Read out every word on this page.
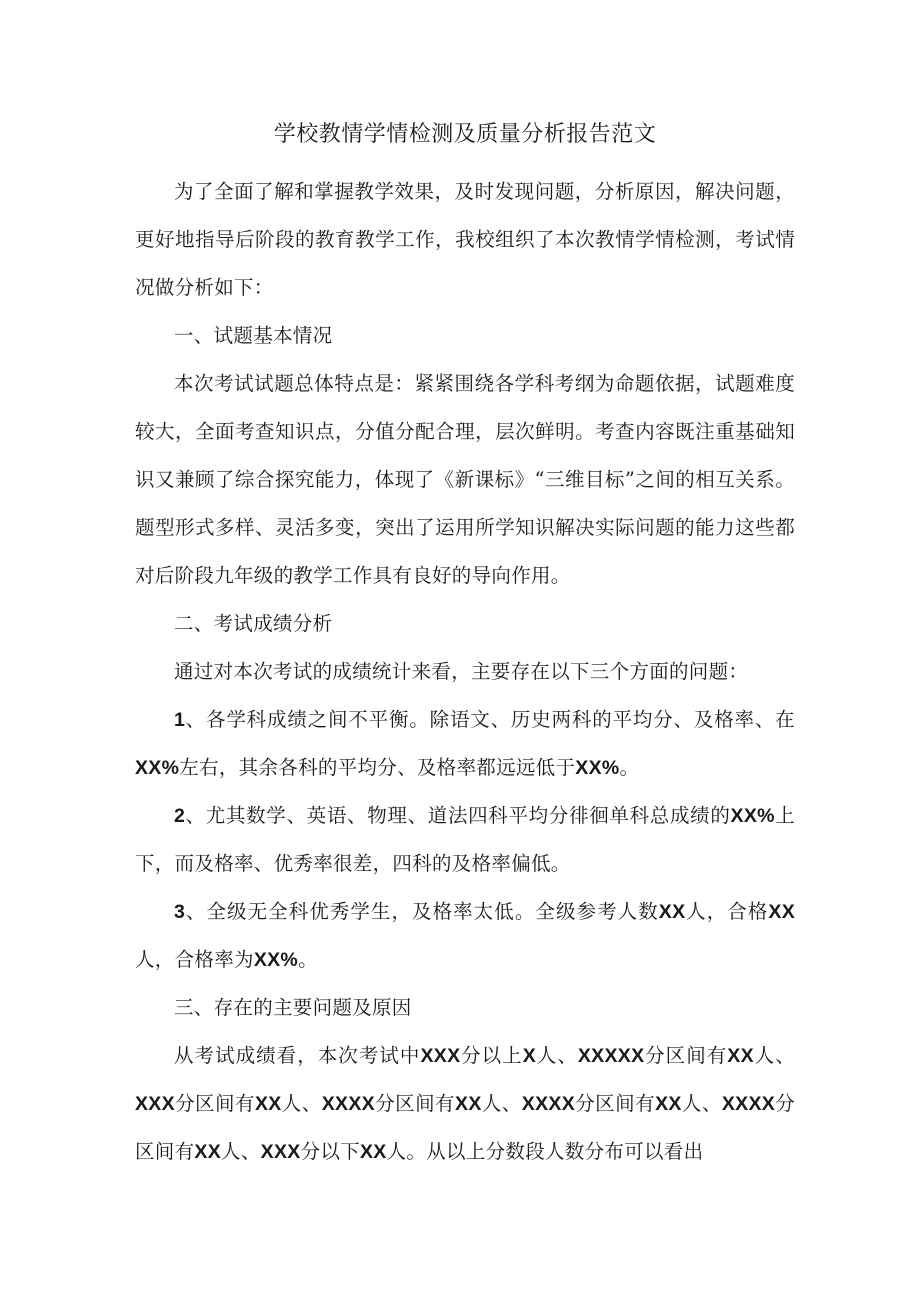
学校教情学情检测及质量分析报告范文

为了全面了解和掌握教学效果，及时发现问题，分析原因，解决问题，更好地指导后阶段的教育教学工作，我校组织了本次教情学情检测，考试情况做分析如下：

一、试题基本情况

本次考试试题总体特点是：紧紧围绕各学科考纲为命题依据，试题难度较大，全面考查知识点，分值分配合理，层次鲜明。考查内容既注重基础知识又兼顾了综合探究能力，体现了《新课标》“三维目标”之间的相互关系。题型形式多样、灵活多变，突出了运用所学知识解决实际问题的能力这些都对后阶段九年级的教学工作具有良好的导向作用。

二、考试成绩分析

通过对本次考试的成绩统计来看，主要存在以下三个方面的问题：

1、各学科成绩之间不平衡。除语文、历史两科的平均分、及格率、在XX%左右，其余各科的平均分、及格率都远远低于XX%。

2、尤其数学、英语、物理、道法四科平均分徘徊单科总成绩的XX%上下，而及格率、优秀率很差，四科的及格率偏低。

3、全级无全科优秀学生，及格率太低。全级参考人数XX人，合格XX人，合格率为XX%。

三、存在的主要问题及原因

从考试成绩看，本次考试中XXX分以上X人、XXXXX分区间有XX人、XXX分区间有XX人、XXXX分区间有XX人、XXXX分区间有XX人、XXXX分区间有XX人、XXX分以下XX人。从以上分数段人数分布可以看出
